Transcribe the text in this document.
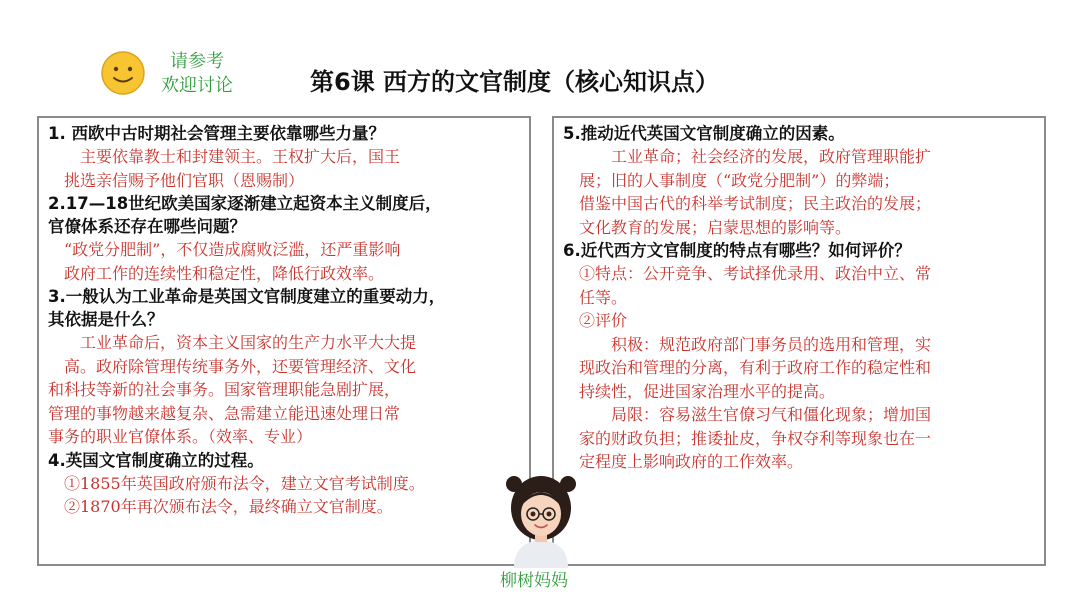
请参考
欢迎讨论	第6课 西方的文官制度（核心知识点）
1. 西欧中古时期社会管理主要依靠哪些力量？
　　主要依靠教士和封建领主。王权扩大后，国王
　挑选亲信赐予他们官职（恩赐制）
2.17—18世纪欧美国家逐渐建立起资本主义制度后，
官僚体系还存在哪些问题？
　“政党分肥制”，不仅造成腐败泛滥，还严重影响
　政府工作的连续性和稳定性，降低行政效率。
3.一般认为工业革命是英国文官制度建立的重要动力，
其依据是什么？
　　工业革命后，资本主义国家的生产力水平大大提
　高。政府除管理传统事务外，还要管理经济、文化
和科技等新的社会事务。国家管理职能急剧扩展，
管理的事物越来越复杂、急需建立能迅速处理日常
事务的职业官僚体系。（效率、专业）
4.英国文官制度确立的过程。
　①1855年英国政府颁布法令，建立文官考试制度。
　②1870年再次颁布法令，最终确立文官制度。
5.推动近代英国文官制度确立的因素。
　　　工业革命；社会经济的发展，政府管理职能扩
　展；旧的人事制度（“政党分肥制”）的弊端；
　借鉴中国古代的科举考试制度；民主政治的发展；
　文化教育的发展；启蒙思想的影响等。
6.近代西方文官制度的特点有哪些？如何评价？
　①特点：公开竞争、考试择优录用、政治中立、常
　任等。
　②评价
　　　积极：规范政府部门事务员的选用和管理，实
　现政治和管理的分离，有利于政府工作的稳定性和
　持续性，促进国家治理水平的提高。
　　　局限：容易滋生官僚习气和僵化现象；增加国
　家的财政负担；推诿扯皮，争权夺利等现象也在一
　定程度上影响政府的工作效率。
柳树妈妈
